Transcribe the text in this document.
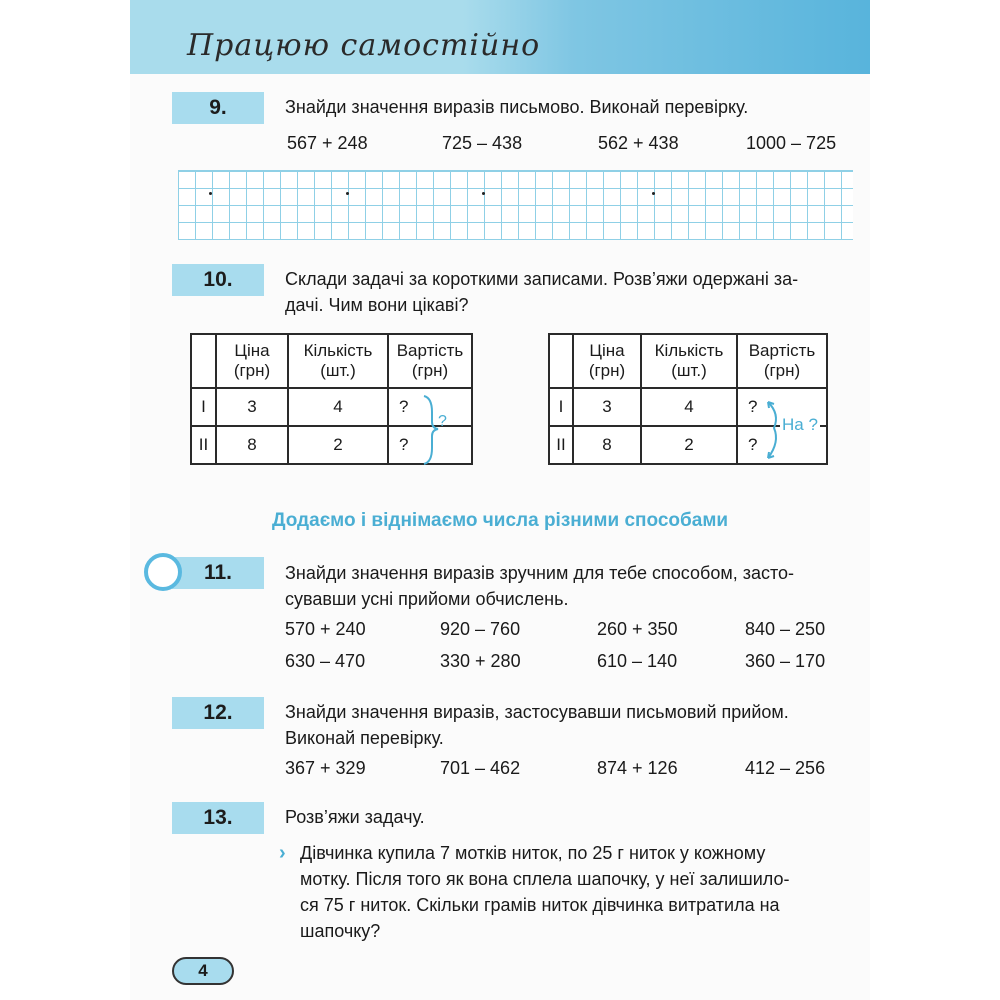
Працюю самостійно
9.	Знайди значення виразів письмово. Виконай перевірку.
567 + 248	725 – 438	562 + 438	1000 – 725
10.	Склади задачі за короткими записами. Розв’яжи одержані за-
дачі. Чим вони цікаві?
	Ціна (грн)	Кількість (шт.)	Вартість (грн)
I	3	4	?
II	8	2	?
?
	Ціна (грн)	Кількість (шт.)	Вартість (грн)
I	3	4	?
II	8	2	?
На ?
Додаємо і віднімаємо числа різними способами
11.	Знайди значення виразів зручним для тебе способом, засто-
сувавши усні прийоми обчислень.
570 + 240	920 – 760	260 + 350	840 – 250
630 – 470	330 + 280	610 – 140	360 – 170
12.	Знайди значення виразів, застосувавши письмовий прийом.
Виконай перевірку.
367 + 329	701 – 462	874 + 126	412 – 256
13.	Розв’яжи задачу.
› Дівчинка купила 7 мотків ниток, по 25 г ниток у кожному
мотку. Після того як вона сплела шапочку, у неї залишило-
ся 75 г ниток. Скільки грамів ниток дівчинка витратила на
шапочку?
4
